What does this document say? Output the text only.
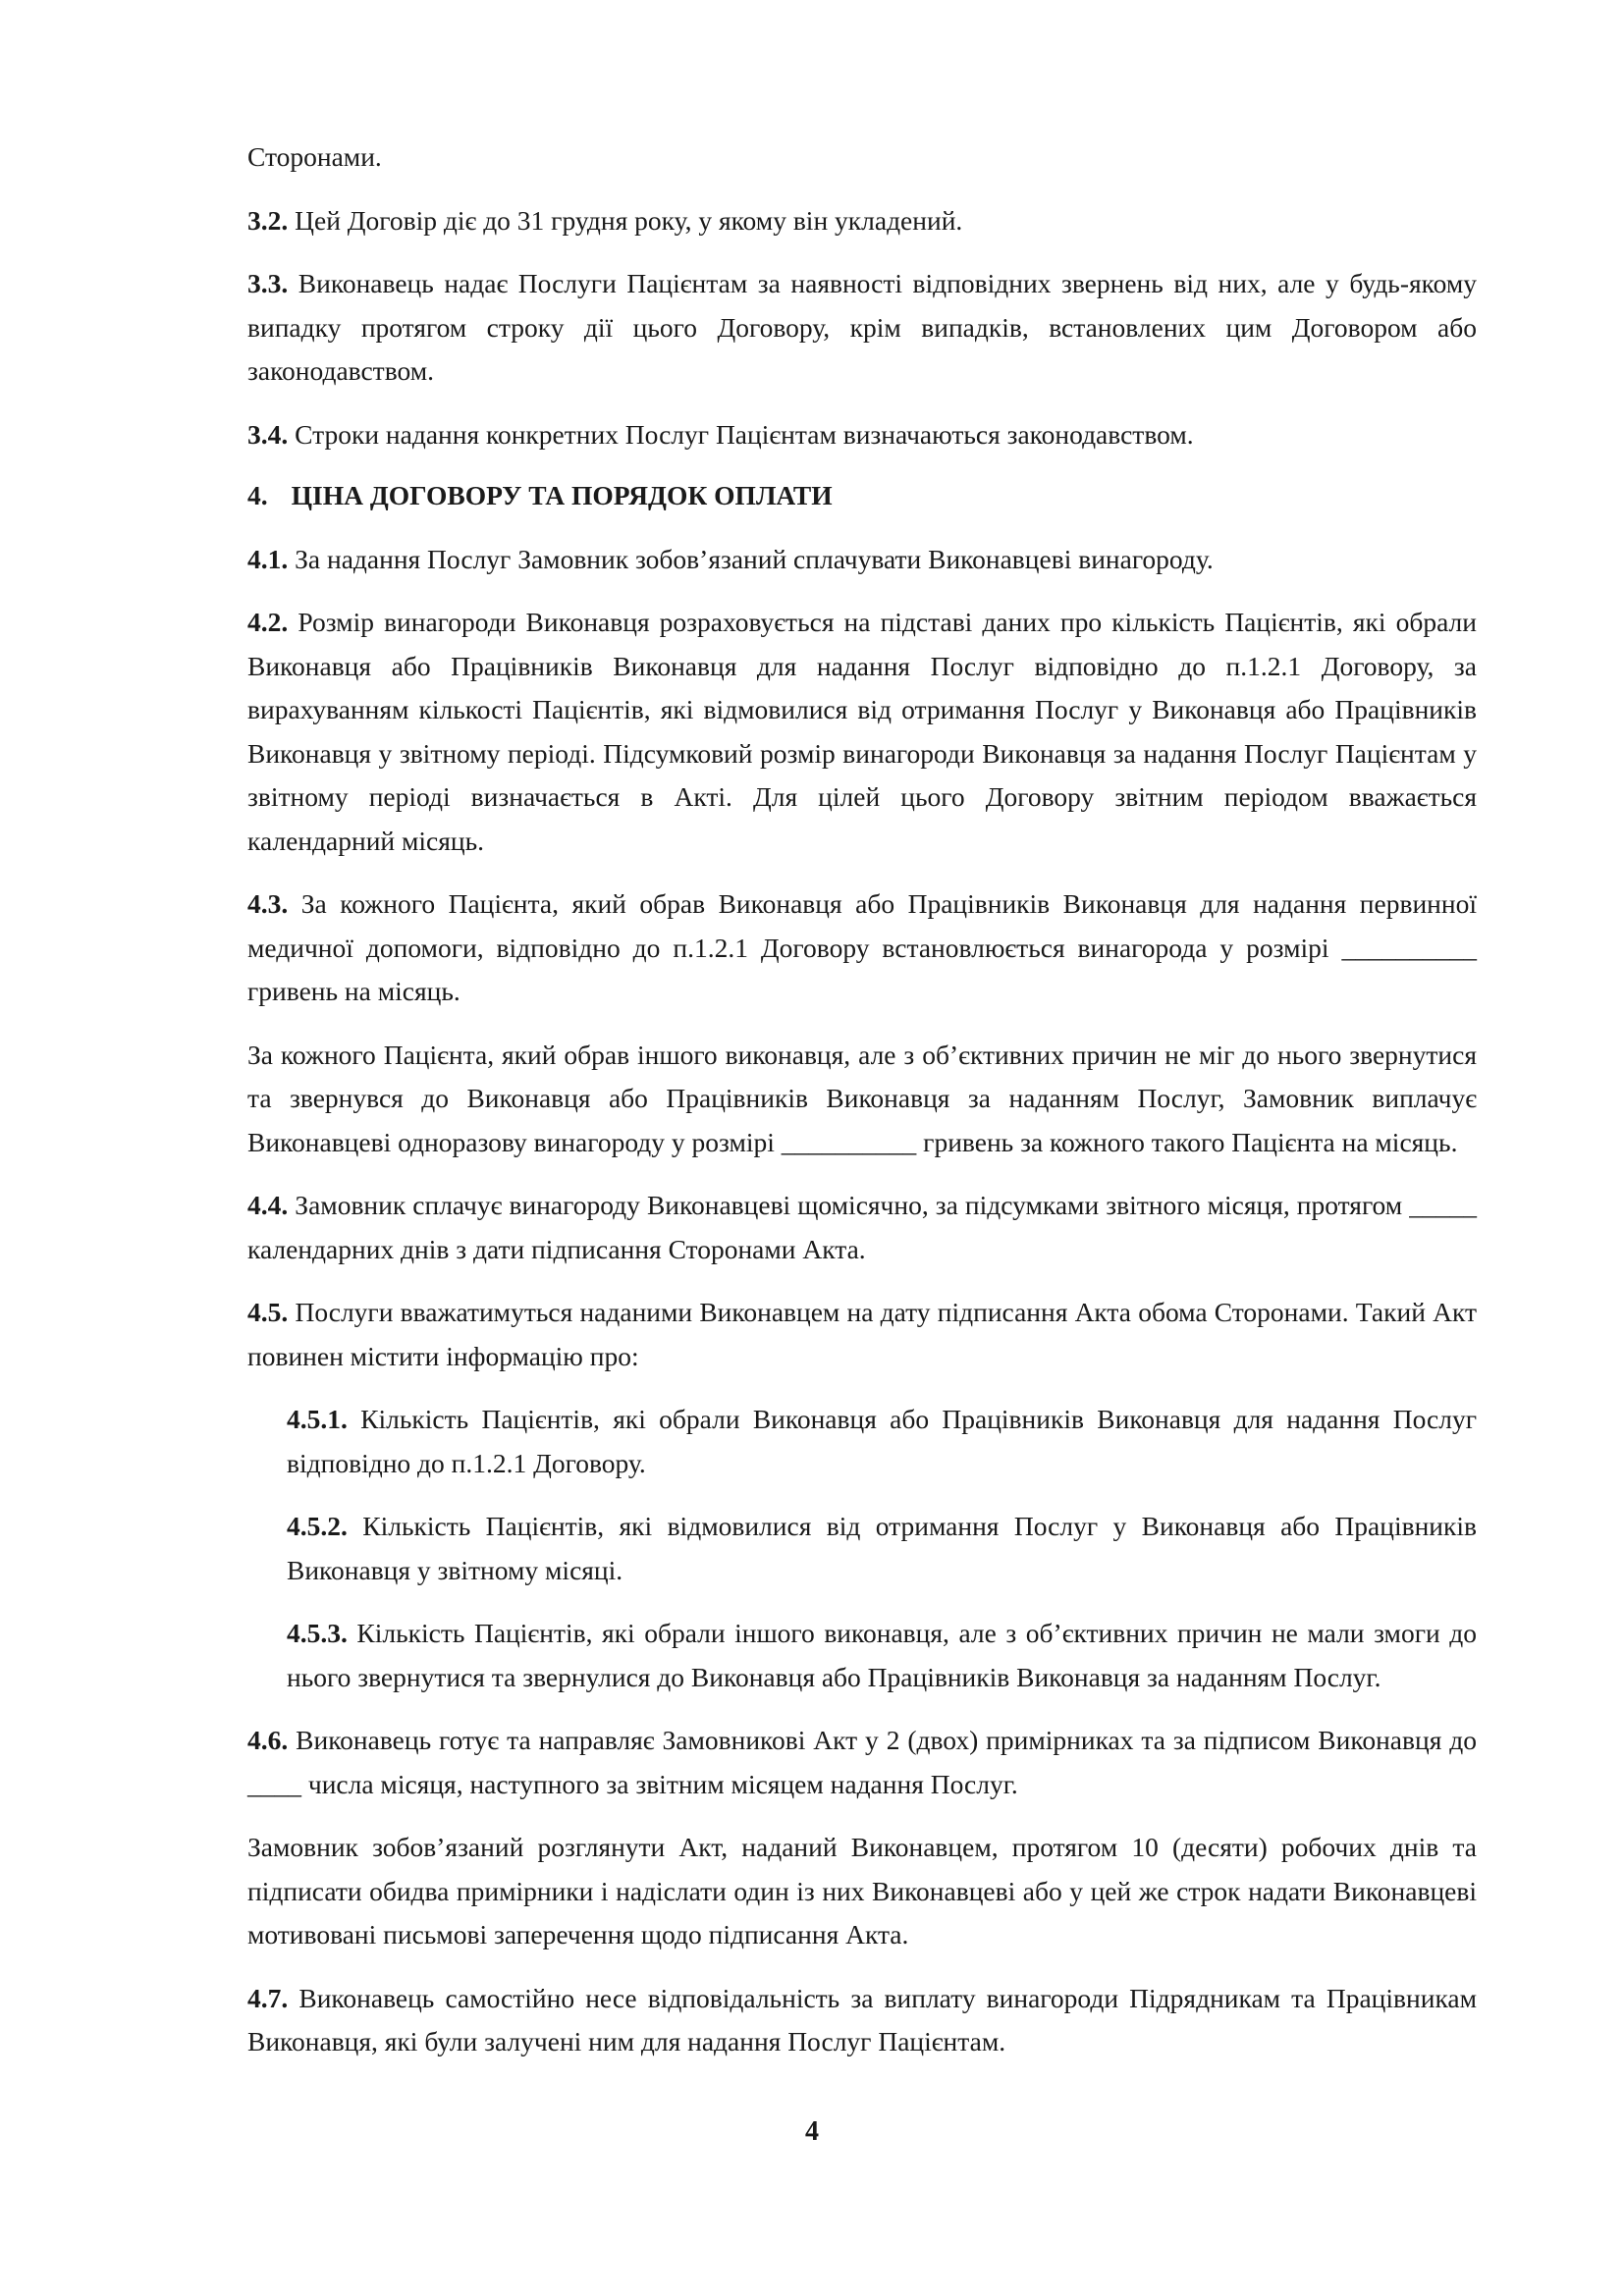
Сторонами.

3.2. Цей Договір діє до 31 грудня року, у якому він укладений.

3.3. Виконавець надає Послуги Пацієнтам за наявності відповідних звернень від них, але у будь-якому випадку протягом строку дії цього Договору, крім випадків, встановлених цим Договором або законодавством.

3.4. Строки надання конкретних Послуг Пацієнтам визначаються законодавством.

4. ЦІНА ДОГОВОРУ ТА ПОРЯДОК ОПЛАТИ

4.1. За надання Послуг Замовник зобов’язаний сплачувати Виконавцеві винагороду.

4.2. Розмір винагороди Виконавця розраховується на підставі даних про кількість Пацієнтів, які обрали Виконавця або Працівників Виконавця для надання Послуг відповідно до п.1.2.1 Договору, за вирахуванням кількості Пацієнтів, які відмовилися від отримання Послуг у Виконавця або Працівників Виконавця у звітному періоді. Підсумковий розмір винагороди Виконавця за надання Послуг Пацієнтам у звітному періоді визначається в Акті. Для цілей цього Договору звітним періодом вважається календарний місяць.

4.3. За кожного Пацієнта, який обрав Виконавця або Працівників Виконавця для надання первинної медичної допомоги, відповідно до п.1.2.1 Договору встановлюється винагорода у розмірі __________ гривень на місяць.

За кожного Пацієнта, який обрав іншого виконавця, але з об’єктивних причин не міг до нього звернутися та звернувся до Виконавця або Працівників Виконавця за наданням Послуг, Замовник виплачує Виконавцеві одноразову винагороду у розмірі __________ гривень за кожного такого Пацієнта на місяць.

4.4. Замовник сплачує винагороду Виконавцеві щомісячно, за підсумками звітного місяця, протягом _____ календарних днів з дати підписання Сторонами Акта.

4.5. Послуги вважатимуться наданими Виконавцем на дату підписання Акта обома Сторонами. Такий Акт повинен містити інформацію про:

4.5.1. Кількість Пацієнтів, які обрали Виконавця або Працівників Виконавця для надання Послуг відповідно до п.1.2.1 Договору.

4.5.2. Кількість Пацієнтів, які відмовилися від отримання Послуг у Виконавця або Працівників Виконавця у звітному місяці.

4.5.3. Кількість Пацієнтів, які обрали іншого виконавця, але з об’єктивних причин не мали змоги до нього звернутися та звернулися до Виконавця або Працівників Виконавця за наданням Послуг.

4.6. Виконавець готує та направляє Замовникові Акт у 2 (двох) примірниках та за підписом Виконавця до ____ числа місяця, наступного за звітним місяцем надання Послуг.

Замовник зобов’язаний розглянути Акт, наданий Виконавцем, протягом 10 (десяти) робочих днів та підписати обидва примірники і надіслати один із них Виконавцеві або у цей же строк надати Виконавцеві мотивовані письмові заперечення щодо підписання Акта.

4.7. Виконавець самостійно несе відповідальність за виплату винагороди Підрядникам та Працівникам Виконавця, які були залучені ним для надання Послуг Пацієнтам.

4
